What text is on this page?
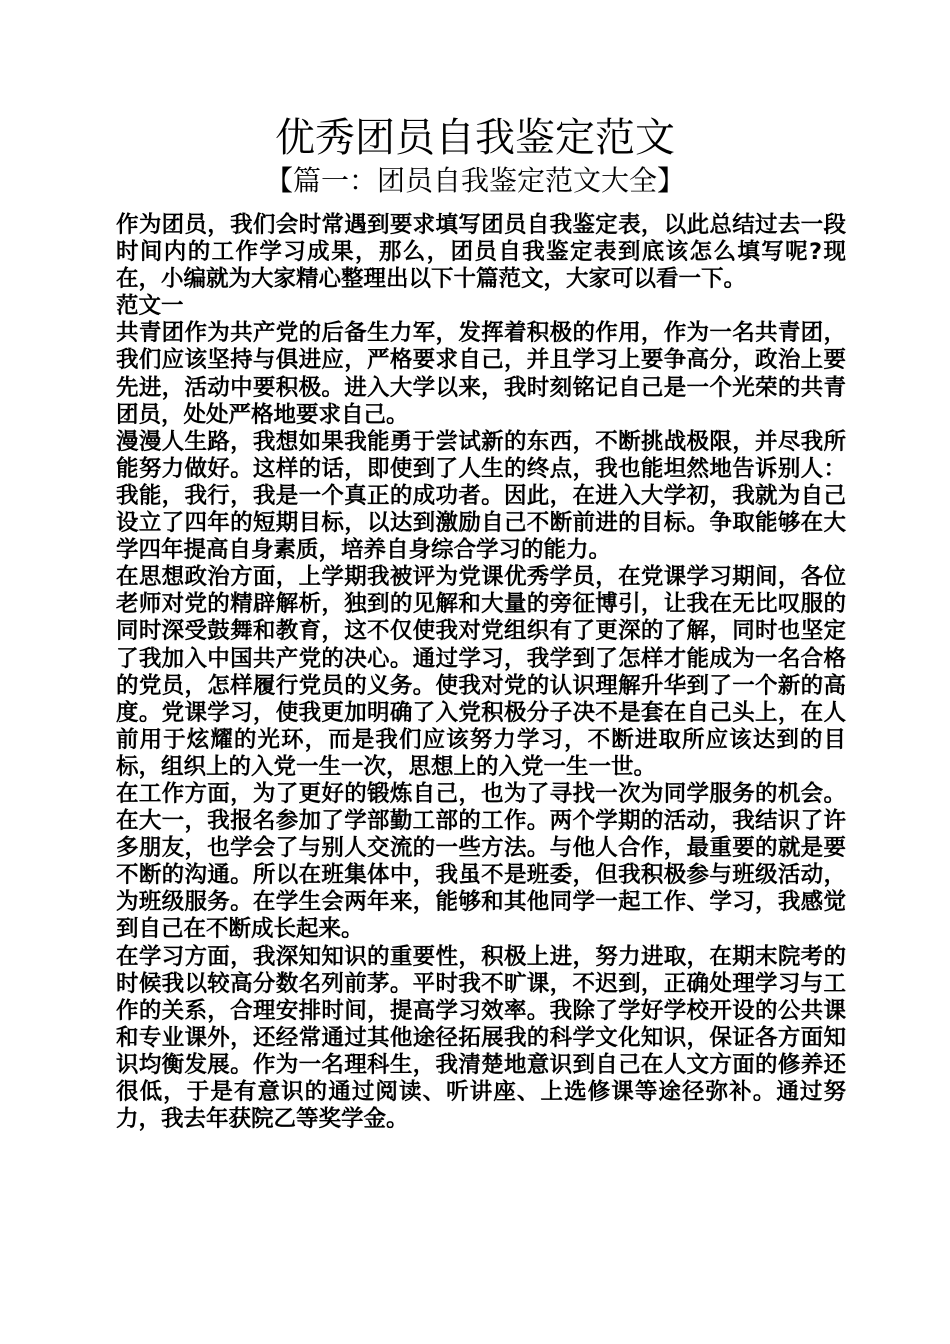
优秀团员自我鉴定范文
【篇一：团员自我鉴定范文大全】

作为团员，我们会时常遇到要求填写团员自我鉴定表，以此总结过去一段时间内的工作学习成果，那么，团员自我鉴定表到底该怎么填写呢?现在，小编就为大家精心整理出以下十篇范文，大家可以看一下。

范文一

共青团作为共产党的后备生力军，发挥着积极的作用，作为一名共青团，我们应该坚持与俱进应，严格要求自己，并且学习上要争高分，政治上要先进，活动中要积极。进入大学以来，我时刻铭记自己是一个光荣的共青团员，处处严格地要求自己。

漫漫人生路，我想如果我能勇于尝试新的东西，不断挑战极限，并尽我所能努力做好。这样的话，即使到了人生的终点，我也能坦然地告诉别人：我能，我行，我是一个真正的成功者。因此，在进入大学初，我就为自己设立了四年的短期目标，以达到激励自己不断前进的目标。争取能够在大学四年提高自身素质，培养自身综合学习的能力。

在思想政治方面，上学期我被评为党课优秀学员，在党课学习期间，各位老师对党的精辟解析，独到的见解和大量的旁征博引，让我在无比叹服的同时深受鼓舞和教育，这不仅使我对党组织有了更深的了解，同时也坚定了我加入中国共产党的决心。通过学习，我学到了怎样才能成为一名合格的党员，怎样履行党员的义务。使我对党的认识理解升华到了一个新的高度。党课学习，使我更加明确了入党积极分子决不是套在自己头上，在人前用于炫耀的光环，而是我们应该努力学习，不断进取所应该达到的目标，组织上的入党一生一次，思想上的入党一生一世。

在工作方面，为了更好的锻炼自己，也为了寻找一次为同学服务的机会。在大一，我报名参加了学部勤工部的工作。两个学期的活动，我结识了许多朋友，也学会了与别人交流的一些方法。与他人合作，最重要的就是要不断的沟通。所以在班集体中，我虽不是班委，但我积极参与班级活动，为班级服务。在学生会两年来，能够和其他同学一起工作、学习，我感觉到自己在不断成长起来。

在学习方面，我深知知识的重要性，积极上进，努力进取，在期末院考的时候我以较高分数名列前茅。平时我不旷课，不迟到，正确处理学习与工作的关系，合理安排时间，提高学习效率。我除了学好学校开设的公共课和专业课外，还经常通过其他途径拓展我的科学文化知识，保证各方面知识均衡发展。作为一名理科生，我清楚地意识到自己在人文方面的修养还很低，于是有意识的通过阅读、听讲座、上选修课等途径弥补。通过努力，我去年获院乙等奖学金。
